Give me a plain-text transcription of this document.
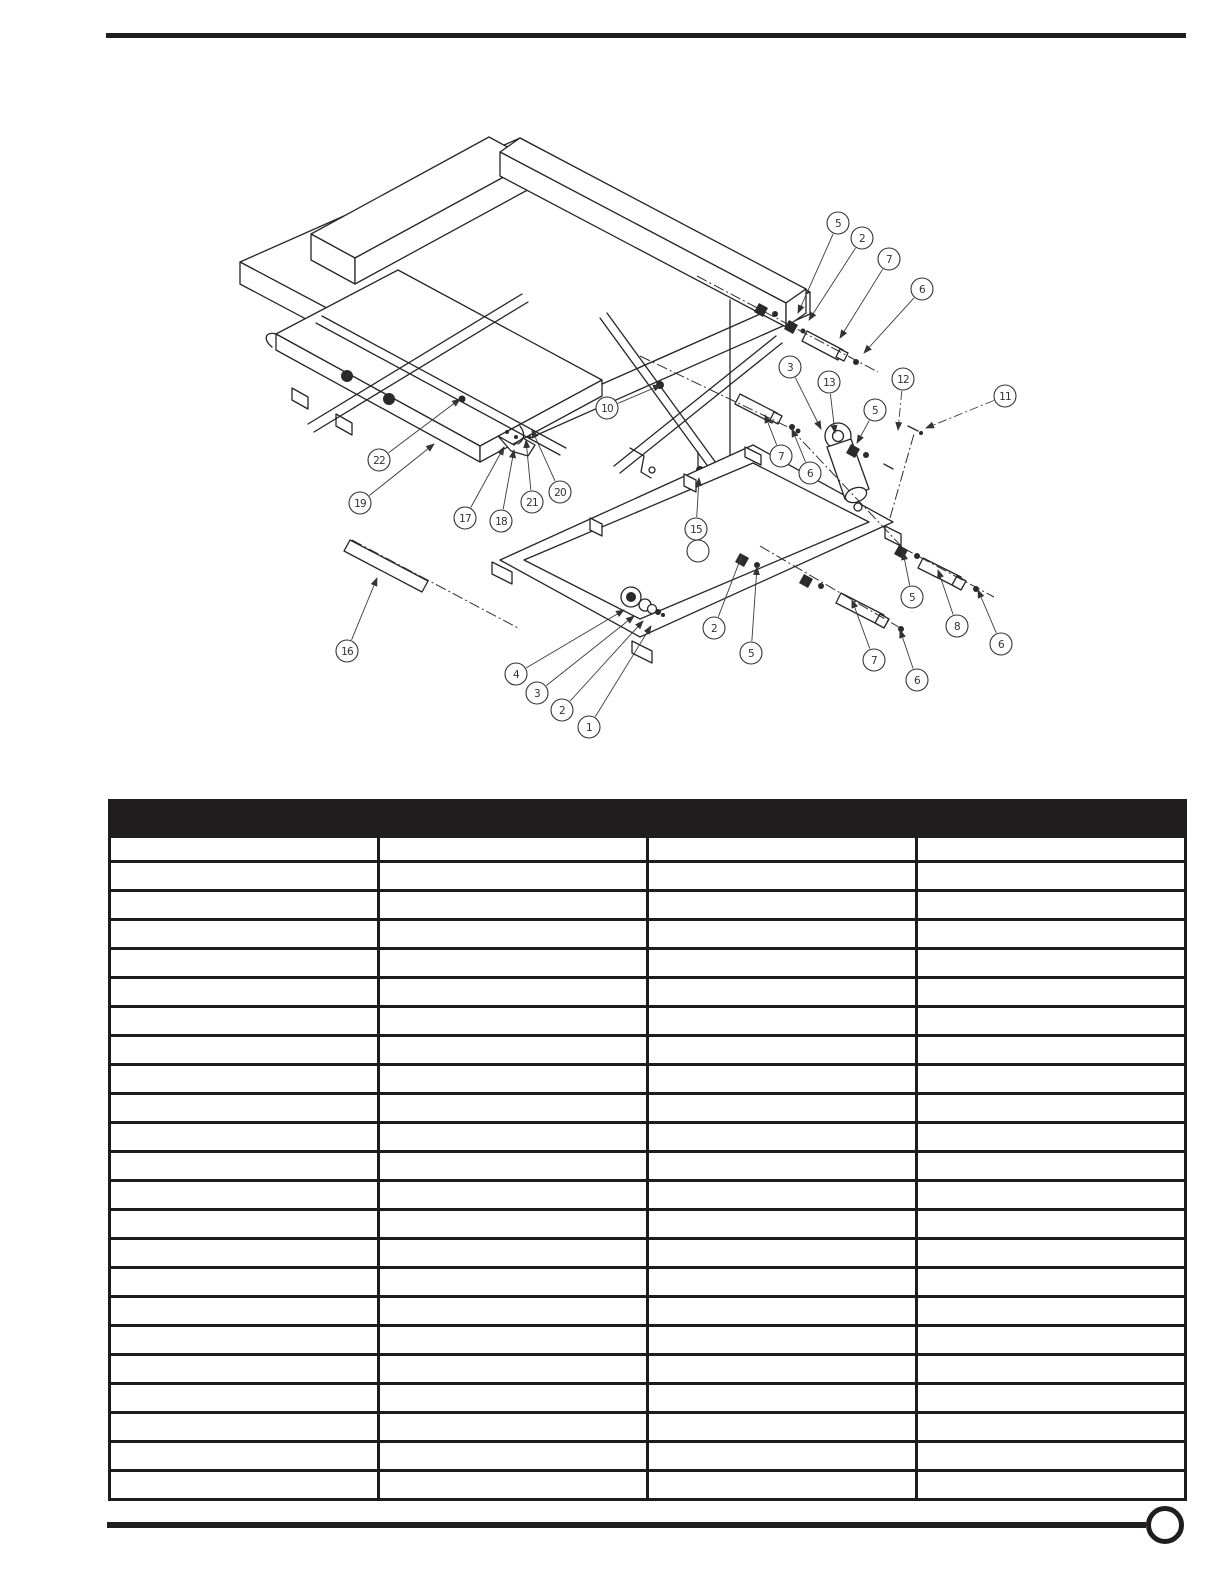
5
2
7
6
3
13	12
11
5
7
6
10
22
19
17 18
21
20
15
16
4
3
2
1
2
5
5
8
6
7
6
